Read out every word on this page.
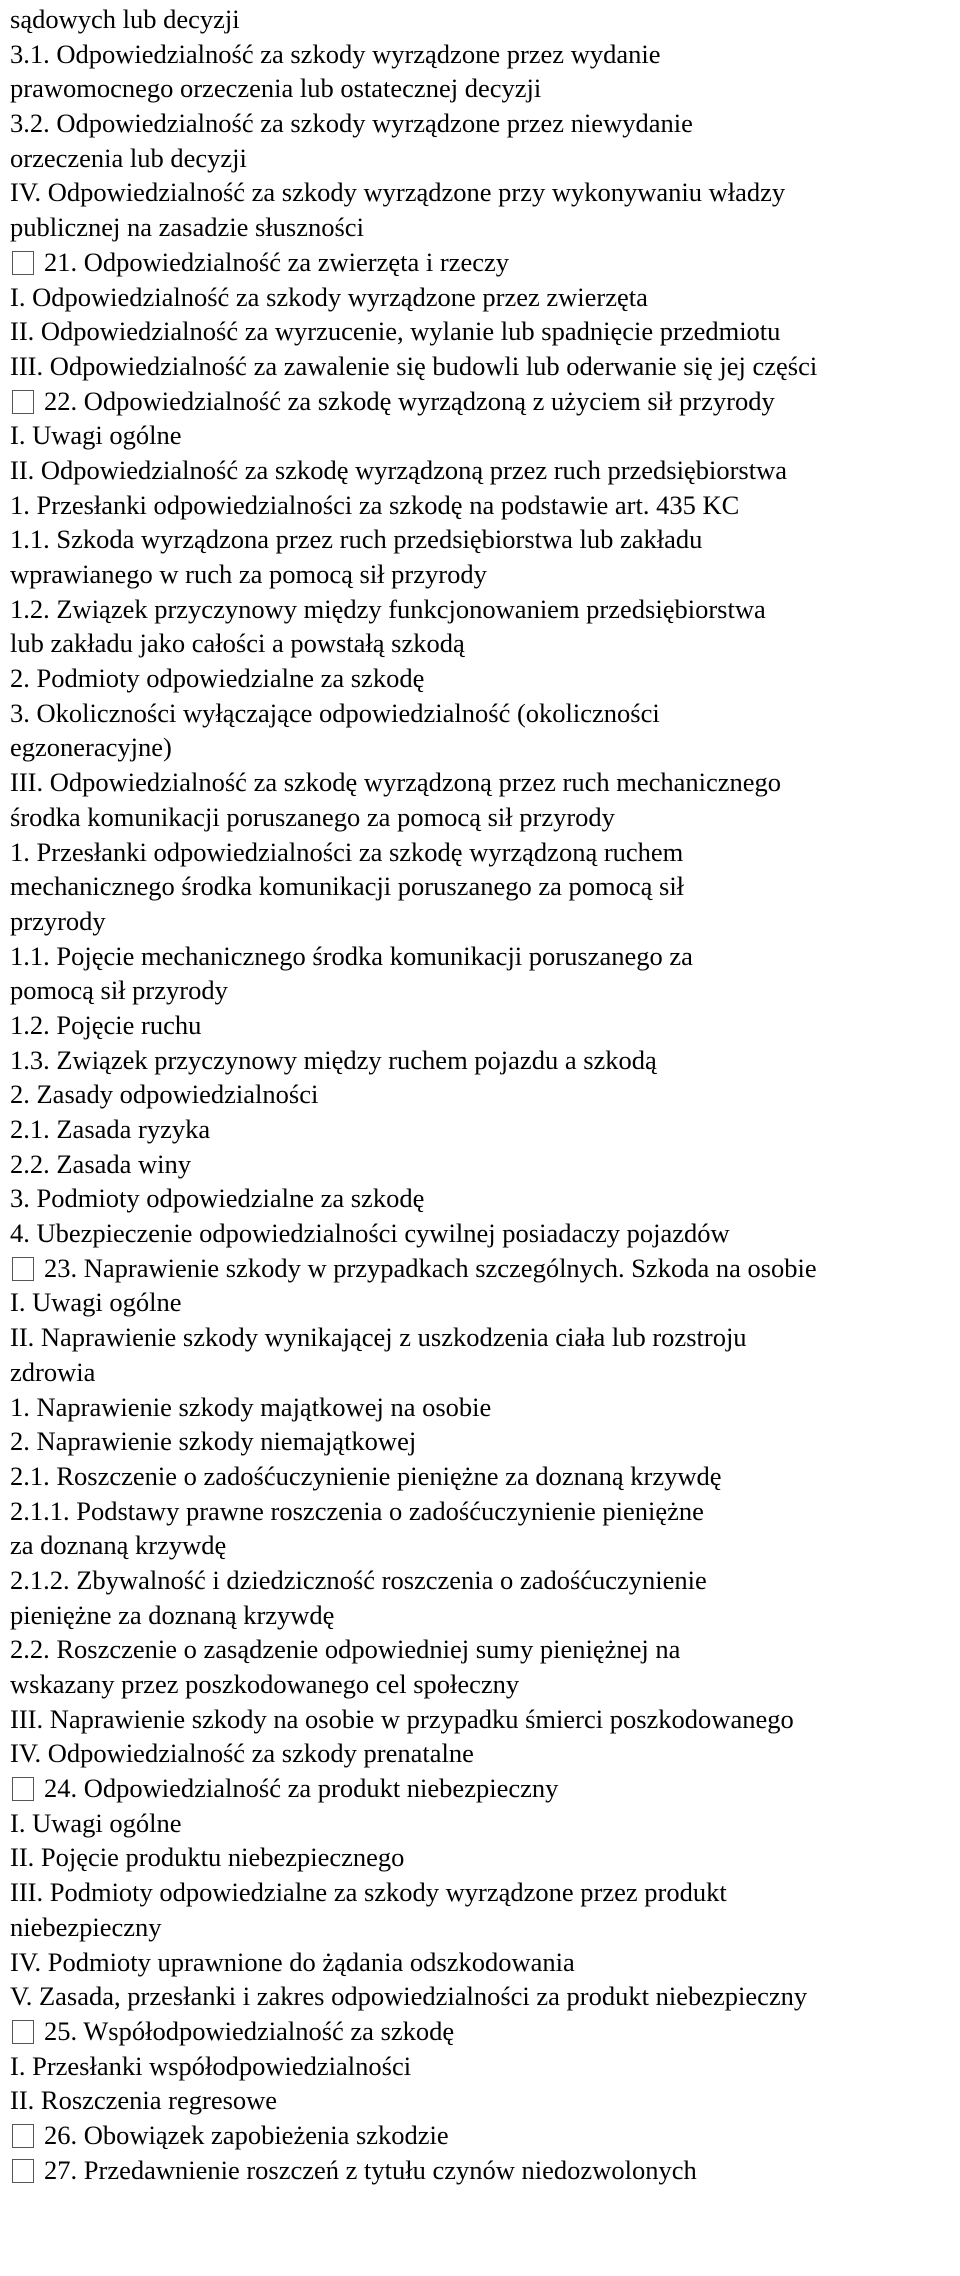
sądowych lub decyzji
3.1. Odpowiedzialność za szkody wyrządzone przez wydanie
prawomocnego orzeczenia lub ostatecznej decyzji
3.2. Odpowiedzialność za szkody wyrządzone przez niewydanie
orzeczenia lub decyzji
IV. Odpowiedzialność za szkody wyrządzone przy wykonywaniu władzy
publicznej na zasadzie słuszności
21. Odpowiedzialność za zwierzęta i rzeczy
I. Odpowiedzialność za szkody wyrządzone przez zwierzęta
II. Odpowiedzialność za wyrzucenie, wylanie lub spadnięcie przedmiotu
III. Odpowiedzialność za zawalenie się budowli lub oderwanie się jej części
22. Odpowiedzialność za szkodę wyrządzoną z użyciem sił przyrody
I. Uwagi ogólne
II. Odpowiedzialność za szkodę wyrządzoną przez ruch przedsiębiorstwa
1. Przesłanki odpowiedzialności za szkodę na podstawie art. 435 KC
1.1. Szkoda wyrządzona przez ruch przedsiębiorstwa lub zakładu
wprawianego w ruch za pomocą sił przyrody
1.2. Związek przyczynowy między funkcjonowaniem przedsiębiorstwa
lub zakładu jako całości a powstałą szkodą
2. Podmioty odpowiedzialne za szkodę
3. Okoliczności wyłączające odpowiedzialność (okoliczności
egzoneracyjne)
III. Odpowiedzialność za szkodę wyrządzoną przez ruch mechanicznego
środka komunikacji poruszanego za pomocą sił przyrody
1. Przesłanki odpowiedzialności za szkodę wyrządzoną ruchem
mechanicznego środka komunikacji poruszanego za pomocą sił
przyrody
1.1. Pojęcie mechanicznego środka komunikacji poruszanego za
pomocą sił przyrody
1.2. Pojęcie ruchu
1.3. Związek przyczynowy między ruchem pojazdu a szkodą
2. Zasady odpowiedzialności
2.1. Zasada ryzyka
2.2. Zasada winy
3. Podmioty odpowiedzialne za szkodę
4. Ubezpieczenie odpowiedzialności cywilnej posiadaczy pojazdów
23. Naprawienie szkody w przypadkach szczególnych. Szkoda na osobie
I. Uwagi ogólne
II. Naprawienie szkody wynikającej z uszkodzenia ciała lub rozstroju
zdrowia
1. Naprawienie szkody majątkowej na osobie
2. Naprawienie szkody niemajątkowej
2.1. Roszczenie o zadośćuczynienie pieniężne za doznaną krzywdę
2.1.1. Podstawy prawne roszczenia o zadośćuczynienie pieniężne
za doznaną krzywdę
2.1.2. Zbywalność i dziedziczność roszczenia o zadośćuczynienie
pieniężne za doznaną krzywdę
2.2. Roszczenie o zasądzenie odpowiedniej sumy pieniężnej na
wskazany przez poszkodowanego cel społeczny
III. Naprawienie szkody na osobie w przypadku śmierci poszkodowanego
IV. Odpowiedzialność za szkody prenatalne
24. Odpowiedzialność za produkt niebezpieczny
I. Uwagi ogólne
II. Pojęcie produktu niebezpiecznego
III. Podmioty odpowiedzialne za szkody wyrządzone przez produkt
niebezpieczny
IV. Podmioty uprawnione do żądania odszkodowania
V. Zasada, przesłanki i zakres odpowiedzialności za produkt niebezpieczny
25. Współodpowiedzialność za szkodę
I. Przesłanki współodpowiedzialności
II. Roszczenia regresowe
26. Obowiązek zapobieżenia szkodzie
27. Przedawnienie roszczeń z tytułu czynów niedozwolonych
